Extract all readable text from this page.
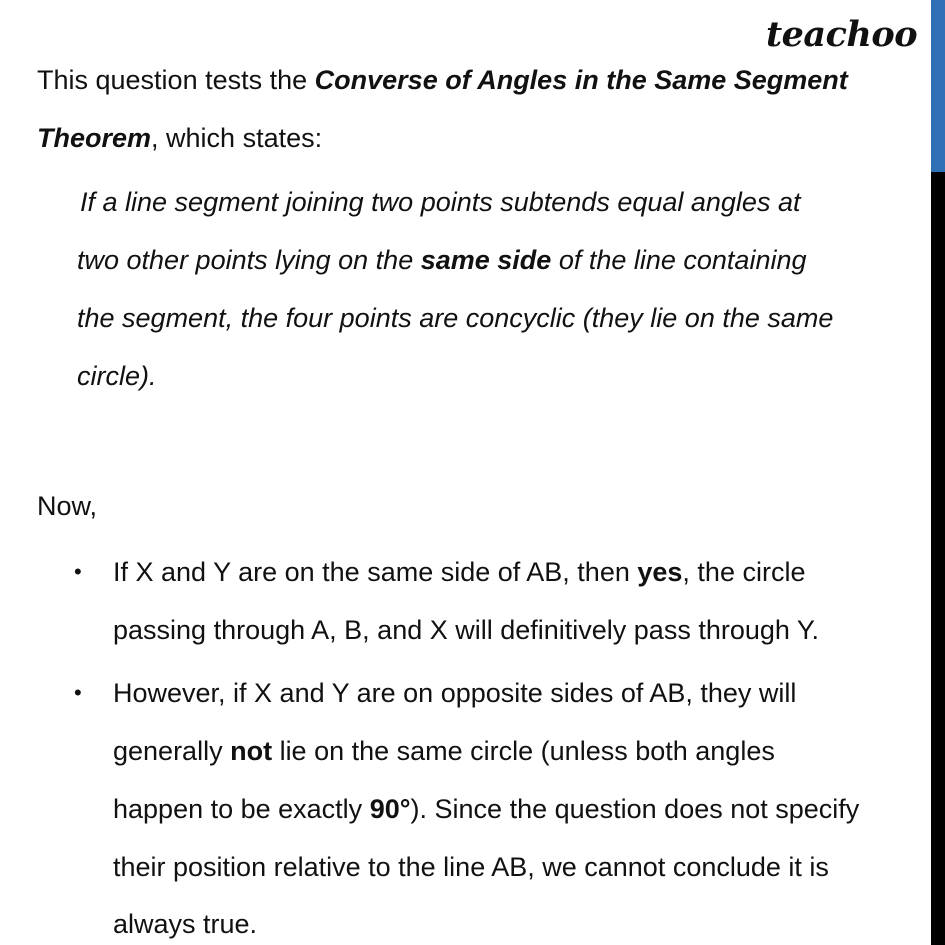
teachoo
This question tests the Converse of Angles in the Same Segment
Theorem, which states:
If a line segment joining two points subtends equal angles at
two other points lying on the same side of the line containing
the segment, the four points are concyclic (they lie on the same
circle).
Now,
• If X and Y are on the same side of AB, then yes, the circle
passing through A, B, and X will definitively pass through Y.
• However, if X and Y are on opposite sides of AB, they will
generally not lie on the same circle (unless both angles
happen to be exactly 90°). Since the question does not specify
their position relative to the line AB, we cannot conclude it is
always true.
